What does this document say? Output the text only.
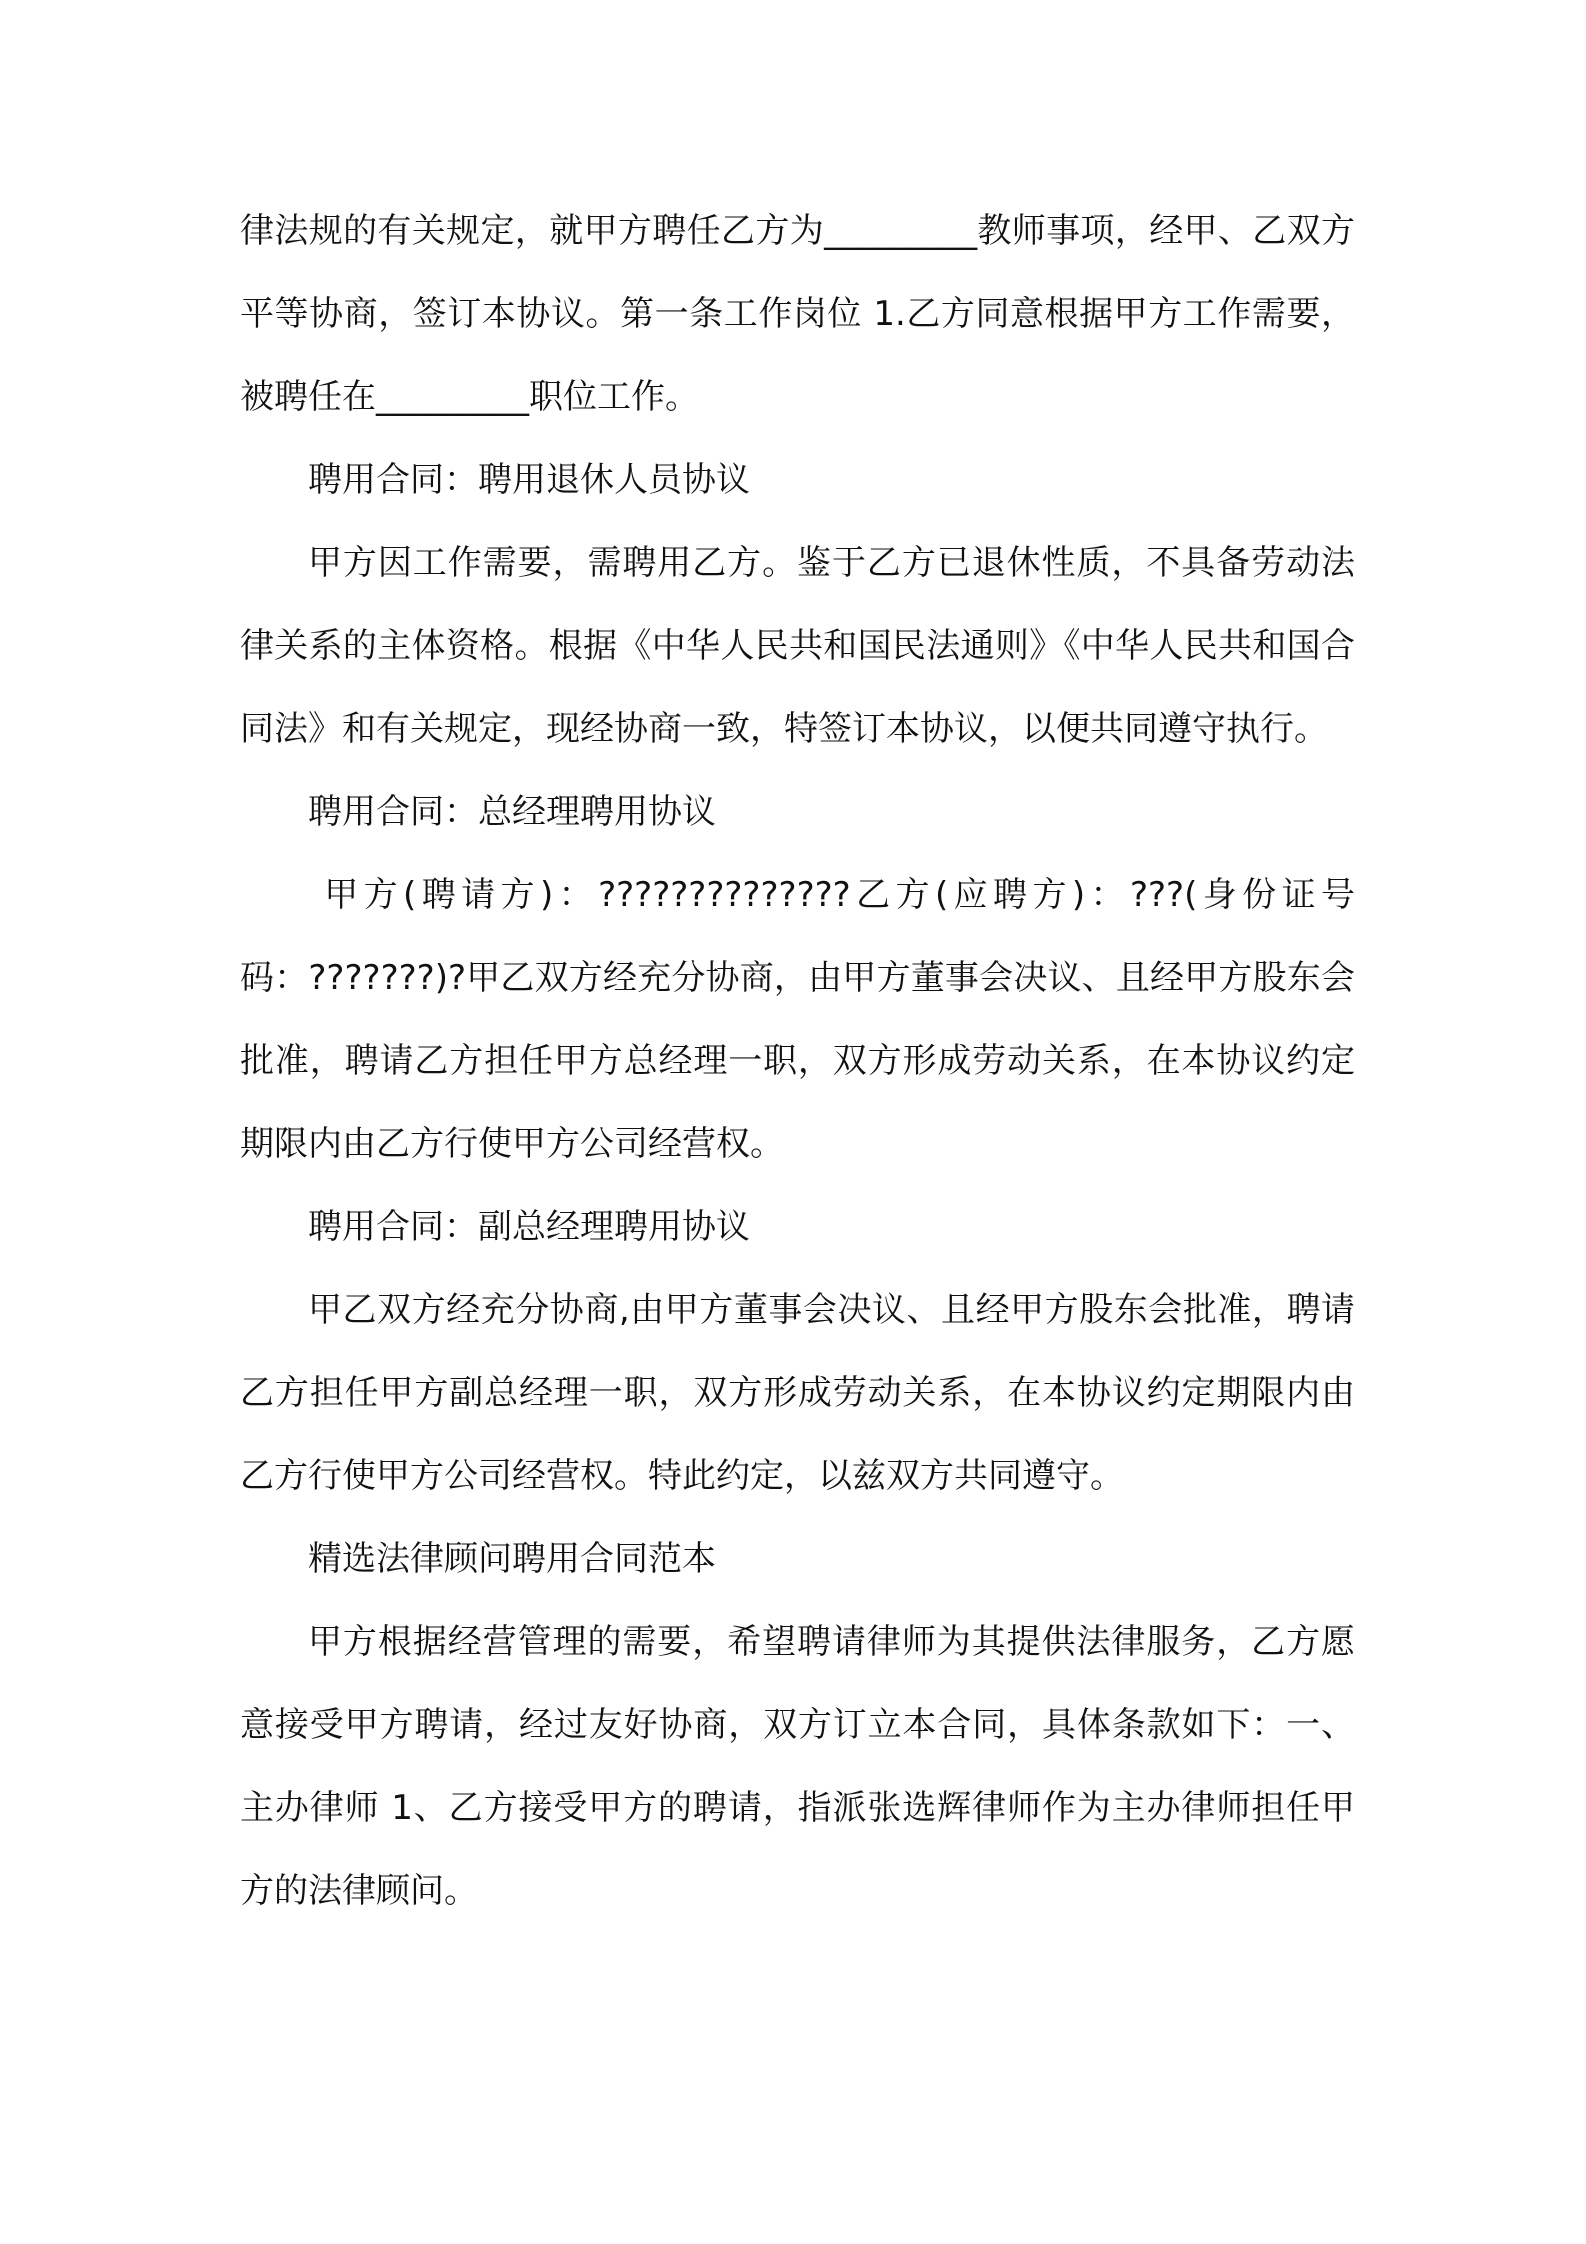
律法规的有关规定，就甲方聘任乙方为_________教师事项，经甲、乙双方平等协商，签订本协议。第一条工作岗位 1.乙方同意根据甲方工作需要，被聘任在_________职位工作。

聘用合同：聘用退休人员协议

甲方因工作需要，需聘用乙方。鉴于乙方已退休性质，不具备劳动法律关系的主体资格。根据《中华人民共和国民法通则》《中华人民共和国合同法》和有关规定，现经协商一致，特签订本协议，以便共同遵守执行。

聘用合同：总经理聘用协议

甲方(聘请方)：??????????????乙方(应聘方)：???(身份证号码：???????)?甲乙双方经充分协商，由甲方董事会决议、且经甲方股东会批准，聘请乙方担任甲方总经理一职，双方形成劳动关系，在本协议约定期限内由乙方行使甲方公司经营权。

聘用合同：副总经理聘用协议

甲乙双方经充分协商,由甲方董事会决议、且经甲方股东会批准，聘请乙方担任甲方副总经理一职，双方形成劳动关系，在本协议约定期限内由乙方行使甲方公司经营权。特此约定，以兹双方共同遵守。

精选法律顾问聘用合同范本

甲方根据经营管理的需要，希望聘请律师为其提供法律服务，乙方愿意接受甲方聘请，经过友好协商，双方订立本合同，具体条款如下：一、主办律师 1、乙方接受甲方的聘请，指派张选辉律师作为主办律师担任甲方的法律顾问。
